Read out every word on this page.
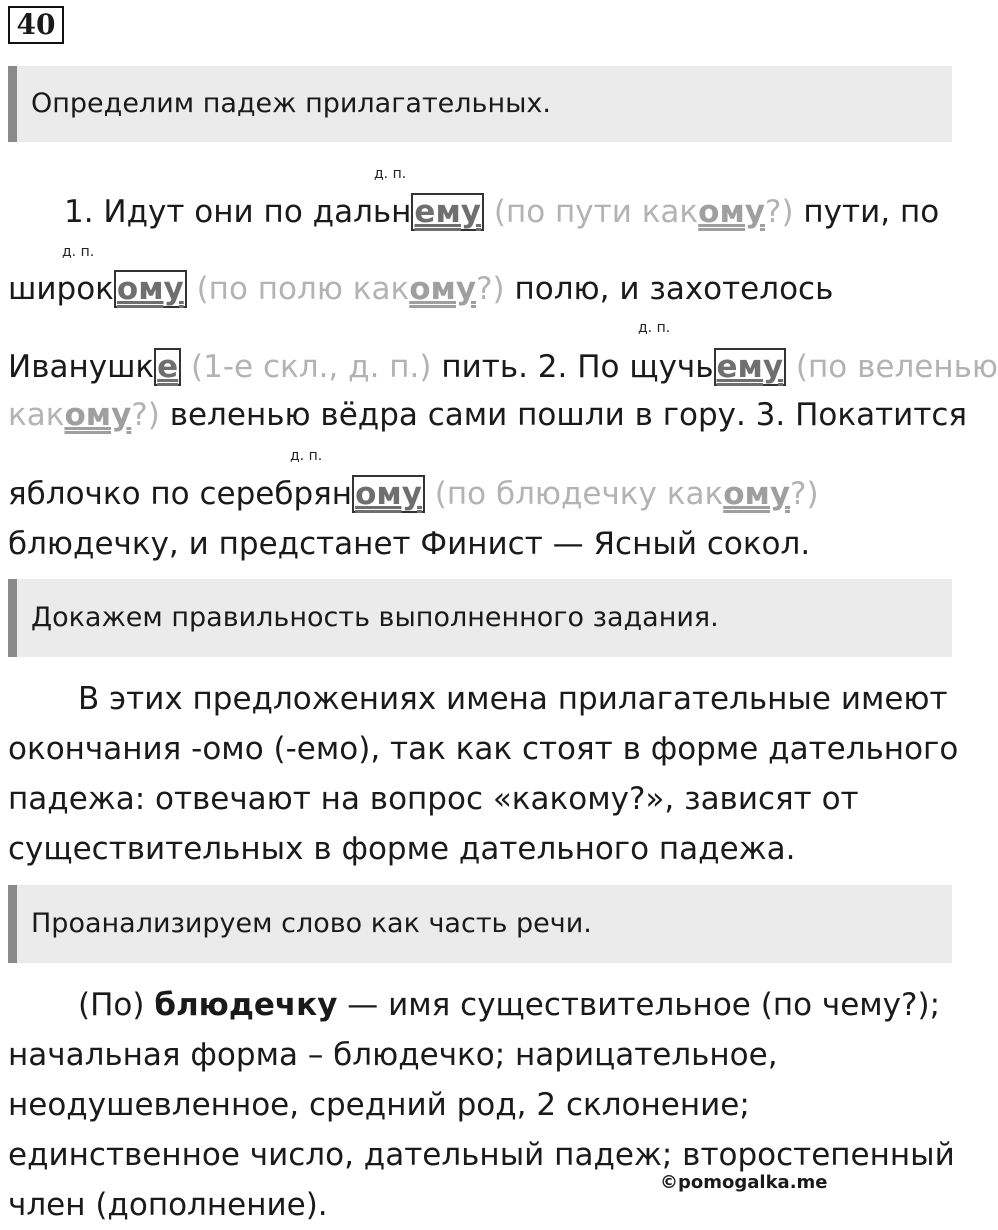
40
Определим падеж прилагательных.
д. п.
1. Идут они по дальнему (по пути какому?) пути, по
д. п.
широкому (по полю какому?) полю, и захотелось
д. п.
Иванушке (1-е скл., д. п.) пить. 2. По щучьему (по веленью
какому?) веленью вёдра сами пошли в гору. 3. Покатится
д. п.
яблочко по серебряному (по блюдечку какому?)
блюдечку, и предстанет Финист — Ясный сокол.
Докажем правильность выполненного задания.
В этих предложениях имена прилагательные имеют
окончания -омо (-емо), так как стоят в форме дательного
падежа: отвечают на вопрос «какому?», зависят от
существительных в форме дательного падежа.
Проанализируем слово как часть речи.
(По) блюдечку — имя существительное (по чему?);
начальная форма – блюдечко; нарицательное,
неодушевленное, средний род, 2 склонение;
единственное число, дательный падеж; второстепенный
член (дополнение).
©pomogalka.me
